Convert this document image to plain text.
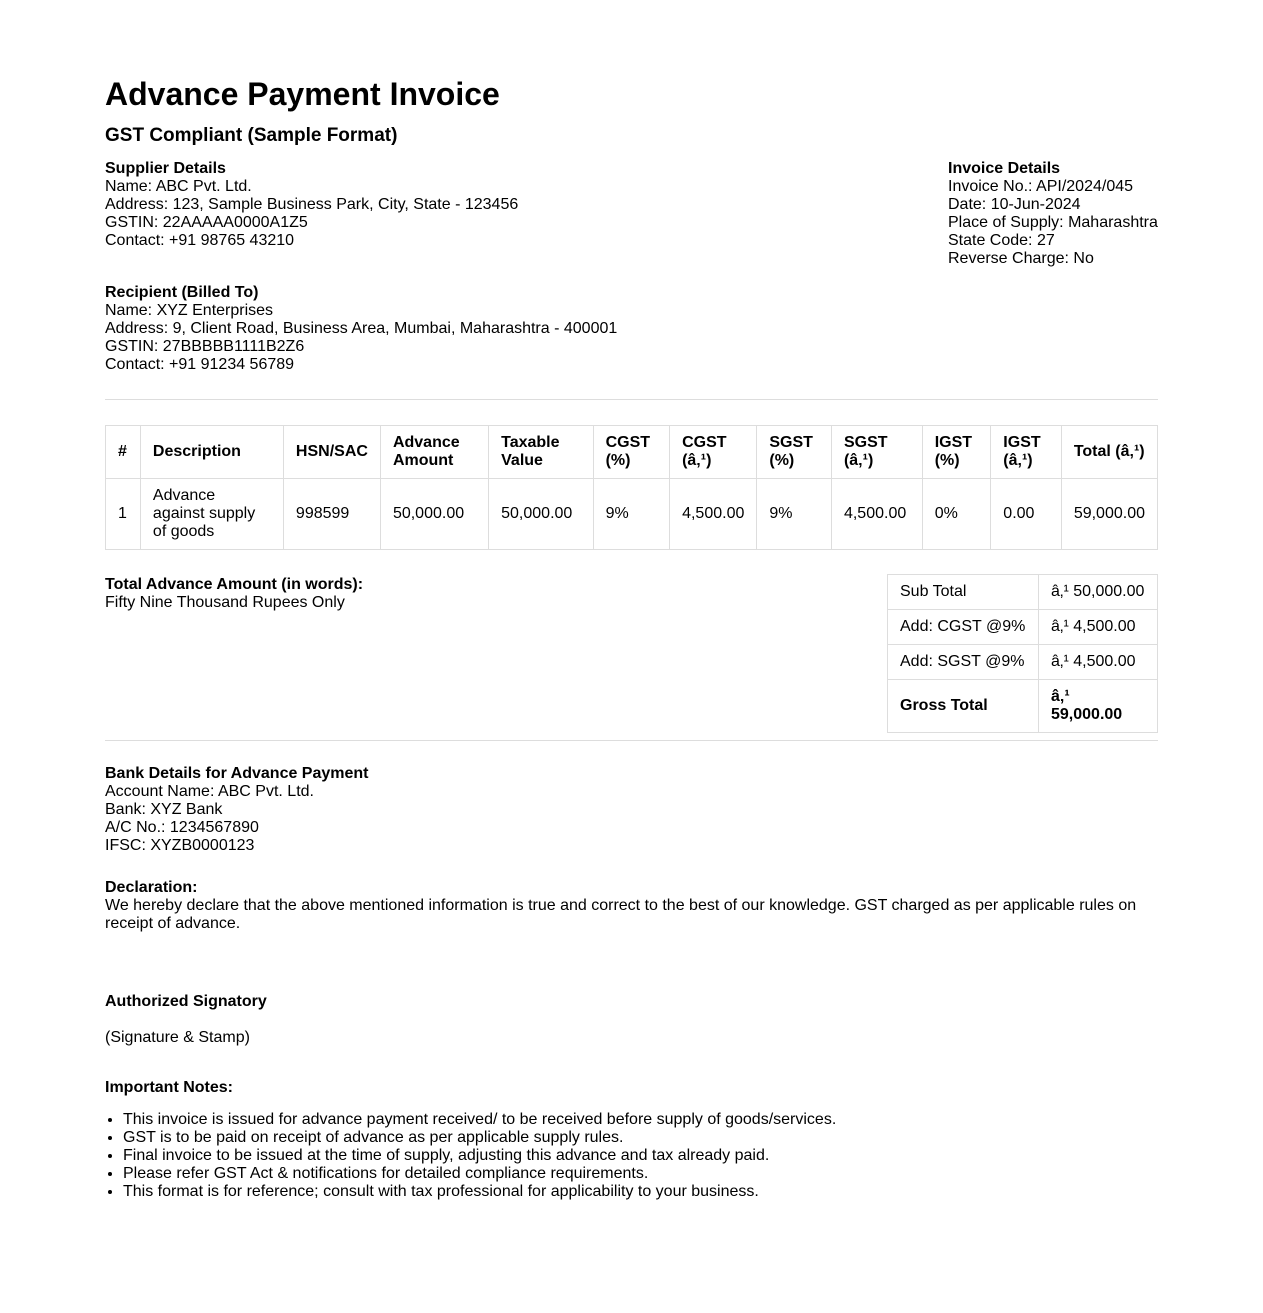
Advance Payment Invoice
GST Compliant (Sample Format)
Supplier Details
Name: ABC Pvt. Ltd.
Address: 123, Sample Business Park, City, State - 123456
GSTIN: 22AAAAA0000A1Z5
Contact: +91 98765 43210
Invoice Details
Invoice No.: API/2024/045
Date: 10-Jun-2024
Place of Supply: Maharashtra
State Code: 27
Reverse Charge: No
Recipient (Billed To)
Name: XYZ Enterprises
Address: 9, Client Road, Business Area, Mumbai, Maharashtra - 400001
GSTIN: 27BBBBB1111B2Z6
Contact: +91 91234 56789
#	Description	HSN/SAC	Advance Amount	Taxable Value	CGST (%)	CGST (â‚¹)	SGST (%)	SGST (â‚¹)	IGST (%)	IGST (â‚¹)	Total (â‚¹)
1	Advance against supply of goods	998599	50,000.00	50,000.00	9%	4,500.00	9%	4,500.00	0%	0.00	59,000.00
Total Advance Amount (in words):
Fifty Nine Thousand Rupees Only
Sub Total	â‚¹ 50,000.00
Add: CGST @9%	â‚¹ 4,500.00
Add: SGST @9%	â‚¹ 4,500.00
Gross Total	â‚¹ 59,000.00
Bank Details for Advance Payment
Account Name: ABC Pvt. Ltd.
Bank: XYZ Bank
A/C No.: 1234567890
IFSC: XYZB0000123
Declaration:
We hereby declare that the above mentioned information is true and correct to the best of our knowledge. GST charged as per applicable rules on receipt of advance.
Authorized Signatory
(Signature & Stamp)
Important Notes:
• This invoice is issued for advance payment received/ to be received before supply of goods/services.
• GST is to be paid on receipt of advance as per applicable supply rules.
• Final invoice to be issued at the time of supply, adjusting this advance and tax already paid.
• Please refer GST Act & notifications for detailed compliance requirements.
• This format is for reference; consult with tax professional for applicability to your business.
